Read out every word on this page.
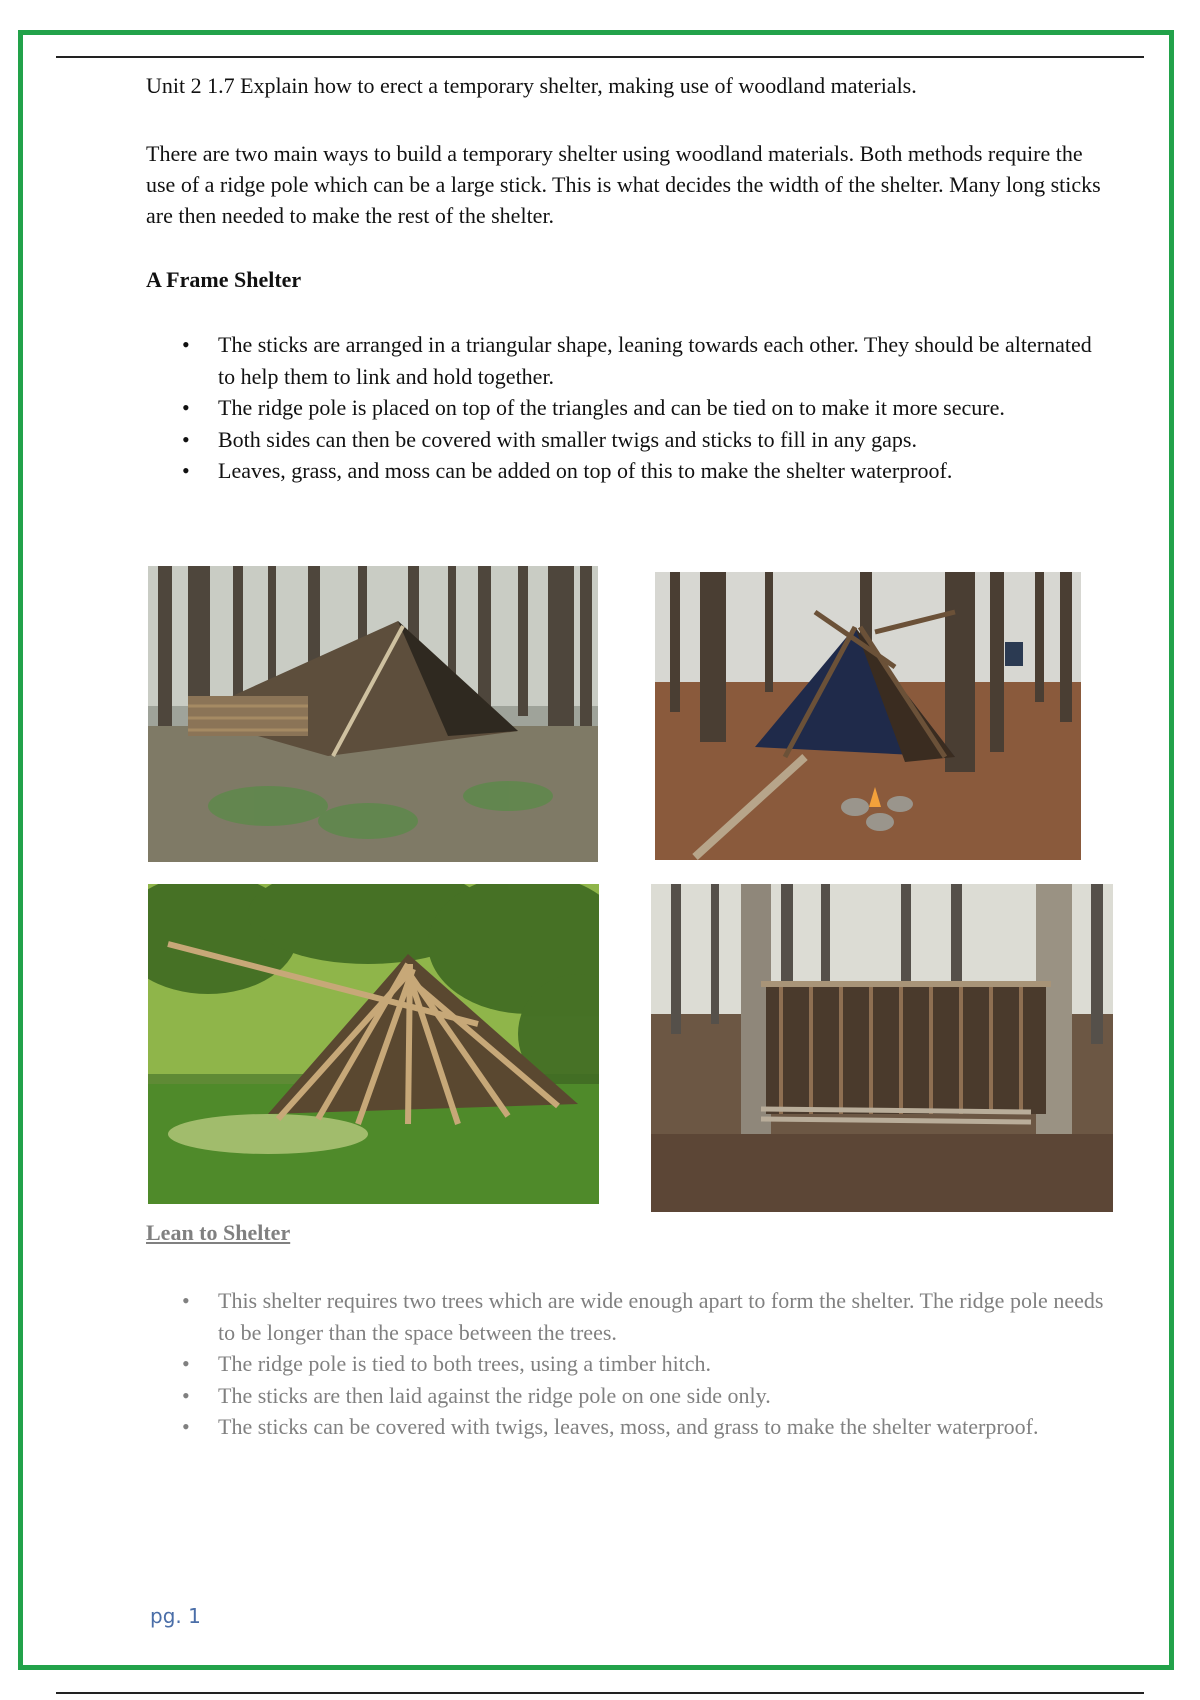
Unit 2 1.7 Explain how to erect a temporary shelter, making use of woodland materials.

There are two main ways to build a temporary shelter using woodland materials. Both methods require the use of a ridge pole which can be a large stick. This is what decides the width of the shelter. Many long sticks are then needed to make the rest of the shelter.

A Frame Shelter

• The sticks are arranged in a triangular shape, leaning towards each other. They should be alternated to help them to link and hold together.
• The ridge pole is placed on top of the triangles and can be tied on to make it more secure.
• Both sides can then be covered with smaller twigs and sticks to fill in any gaps.
• Leaves, grass, and moss can be added on top of this to make the shelter waterproof.
Lean to Shelter
• This shelter requires two trees which are wide enough apart to form the shelter. The ridge pole needs to be longer than the space between the trees.
• The ridge pole is tied to both trees, using a timber hitch.
• The sticks are then laid against the ridge pole on one side only.
• The sticks can be covered with twigs, leaves, moss, and grass to make the shelter waterproof.
pg. 1
